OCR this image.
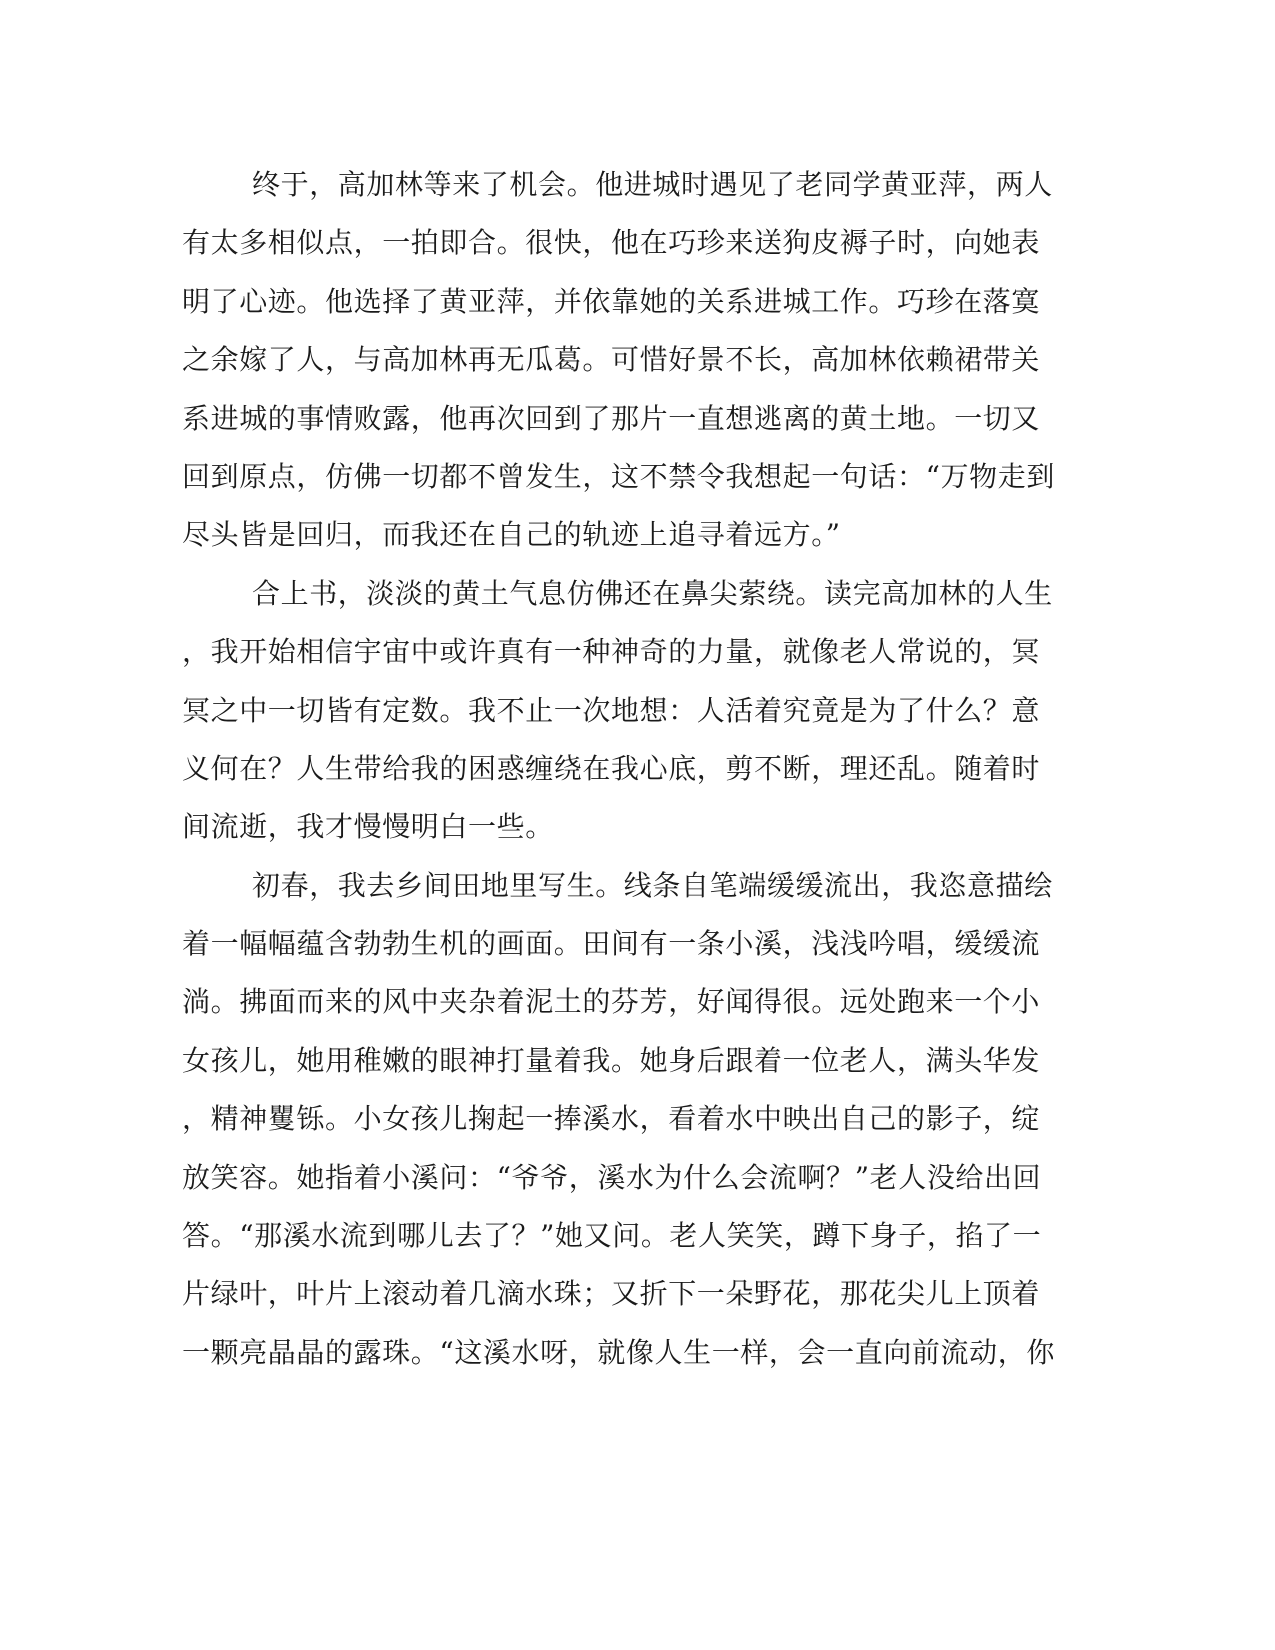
终于，高加林等来了机会。他进城时遇见了老同学黄亚萍，两人
有太多相似点，一拍即合。很快，他在巧珍来送狗皮褥子时，向她表
明了心迹。他选择了黄亚萍，并依靠她的关系进城工作。巧珍在落寞
之余嫁了人，与高加林再无瓜葛。可惜好景不长，高加林依赖裙带关
系进城的事情败露，他再次回到了那片一直想逃离的黄土地。一切又
回到原点，仿佛一切都不曾发生，这不禁令我想起一句话：“万物走到
尽头皆是回归，而我还在自己的轨迹上追寻着远方。”
合上书，淡淡的黄土气息仿佛还在鼻尖萦绕。读完高加林的人生
，我开始相信宇宙中或许真有一种神奇的力量，就像老人常说的，冥
冥之中一切皆有定数。我不止一次地想：人活着究竟是为了什么？意
义何在？人生带给我的困惑缠绕在我心底，剪不断，理还乱。随着时
间流逝，我才慢慢明白一些。
初春，我去乡间田地里写生。线条自笔端缓缓流出，我恣意描绘
着一幅幅蕴含勃勃生机的画面。田间有一条小溪，浅浅吟唱，缓缓流
淌。拂面而来的风中夹杂着泥土的芬芳，好闻得很。远处跑来一个小
女孩儿，她用稚嫩的眼神打量着我。她身后跟着一位老人，满头华发
，精神矍铄。小女孩儿掬起一捧溪水，看着水中映出自己的影子，绽
放笑容。她指着小溪问：“爷爷，溪水为什么会流啊？”老人没给出回
答。“那溪水流到哪儿去了？”她又问。老人笑笑，蹲下身子，掐了一
片绿叶，叶片上滚动着几滴水珠；又折下一朵野花，那花尖儿上顶着
一颗亮晶晶的露珠。“这溪水呀，就像人生一样，会一直向前流动，你
